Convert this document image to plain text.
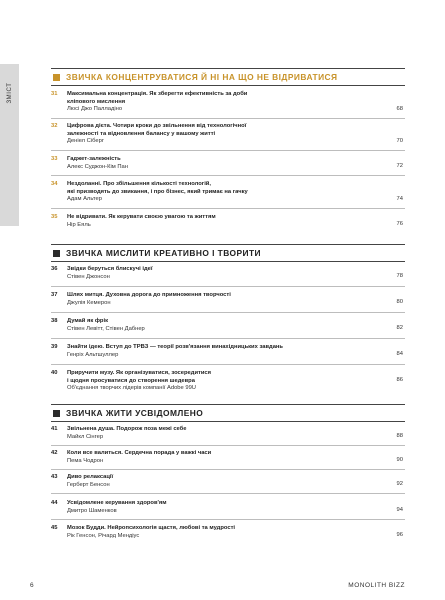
ЗМІСТ
ЗВИЧКА КОНЦЕНТРУВАТИСЯ Й НІ НА ЩО НЕ ВІДРИВАТИСЯ
31	Максимальна концентрація. Як зберегти ефективність за доби
кліпового мислення
Люсі Джо Палладіно	68
32	Цифрова дієта. Чотири кроки до звільнення від технологічної
залежності та відновлення балансу у вашому житті
Деніел Сіберг	70
33	Гаджет-залежність
Алекс Суджон-Кім Пан	72
34	Нездоланні. Про збільшення кількості технологій,
які призводять до звикання, і про бізнес, який тримає на гачку
Адам Альтер	74
35	Не відривати. Як керувати своєю увагою та життям
Нір Еяль	76
ЗВИЧКА МИСЛИТИ КРЕАТИВНО І ТВОРИТИ
36	Звідки беруться блискучі ідеї
Стівен Джонсон	78
37	Шлях митця. Духовна дорога до примноження творчості
Джулія Кемерон	80
38	Думай як фрік
Стівен Левітт, Стівен Дабнер	82
39	Знайти ідею. Вступ до ТРВЗ — теорії розв'язання винахідницьких завдань
Генріх Альтшуллер	84
40	Приручити музу. Як організуватися, зосередитися
і щодня просуватися до створення шедевра
Об'єднання творчих лідерів компанії Adobe 99U
86
ЗВИЧКА ЖИТИ УСВІДОМЛЕНО
41	Звільнена душа. Подорож поза межі себе
Майкл Сінгер	88
42	Коли все валиться. Сердечна порада у важкі часи
Пема Чодрон	90
43	Диво релаксації
Герберт Бенсон	92
44	Усвідомлене керування здоров'ям
Дмитро Шаменков	94
45	Мозок Будди. Нейропсихологія щастя, любові та мудрості
Рік Генсон, Річард Мендіус	96
6	MONOLITH BIZZ
